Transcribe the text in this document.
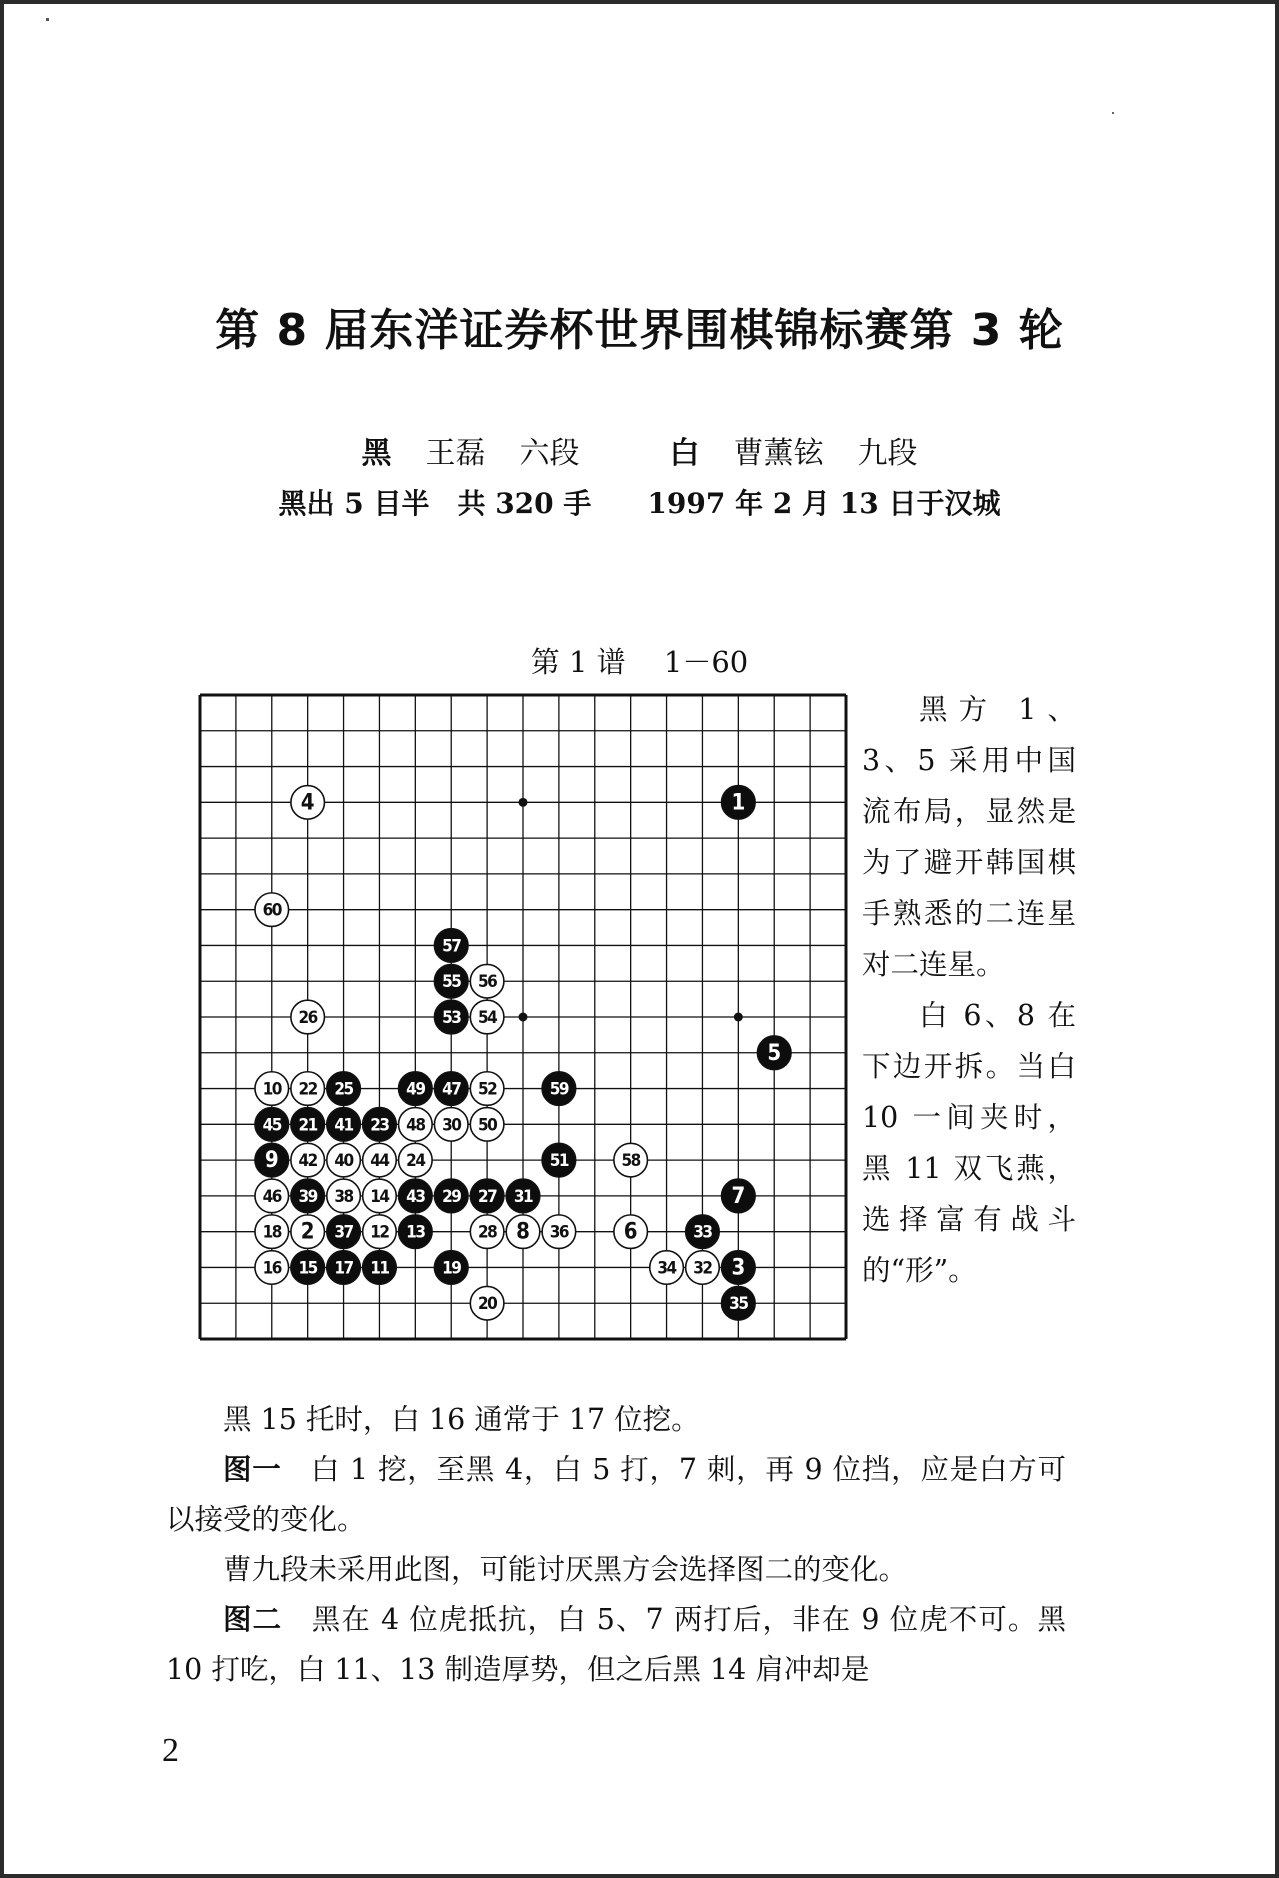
第 8 届东洋证券杯世界围棋锦标赛第 3 轮
黑 王磊 六段	白 曹薰铉 九段
黑出 5 目半　共 320 手　　1997 年 2 月 13 日于汉城
第 1 谱　 1－60
1
2
3
4
5
6
7
8
9
10
11
12 13
14
15
16	17
18
19
20
21
22
23
24
25
26
27
28
29
30
31
32
33
34
35
36
37
38
39
40
41
42
43
44
45
46
47
48
49
50
51
52
53 54
55 56
57
58
59
60

黑方 1、3、5 采用中国流布局，显然是为了避开韩国棋手熟悉的二连星对二连星。

白 6、8 在下边开拆。当白 10 一间夹时，黑 11 双飞燕，选择富有战斗的“形”。

黑 15 托时，白 16 通常于 17 位挖。

图一　白 1 挖，至黑 4，白 5 打，7 刺，再 9 位挡，应是白方可以接受的变化。

曹九段未采用此图，可能讨厌黑方会选择图二的变化。

图二　黑在 4 位虎抵抗，白 5、7 两打后，非在 9 位虎不可。黑 10 打吃，白 11、13 制造厚势，但之后黑 14 肩冲却是

2
